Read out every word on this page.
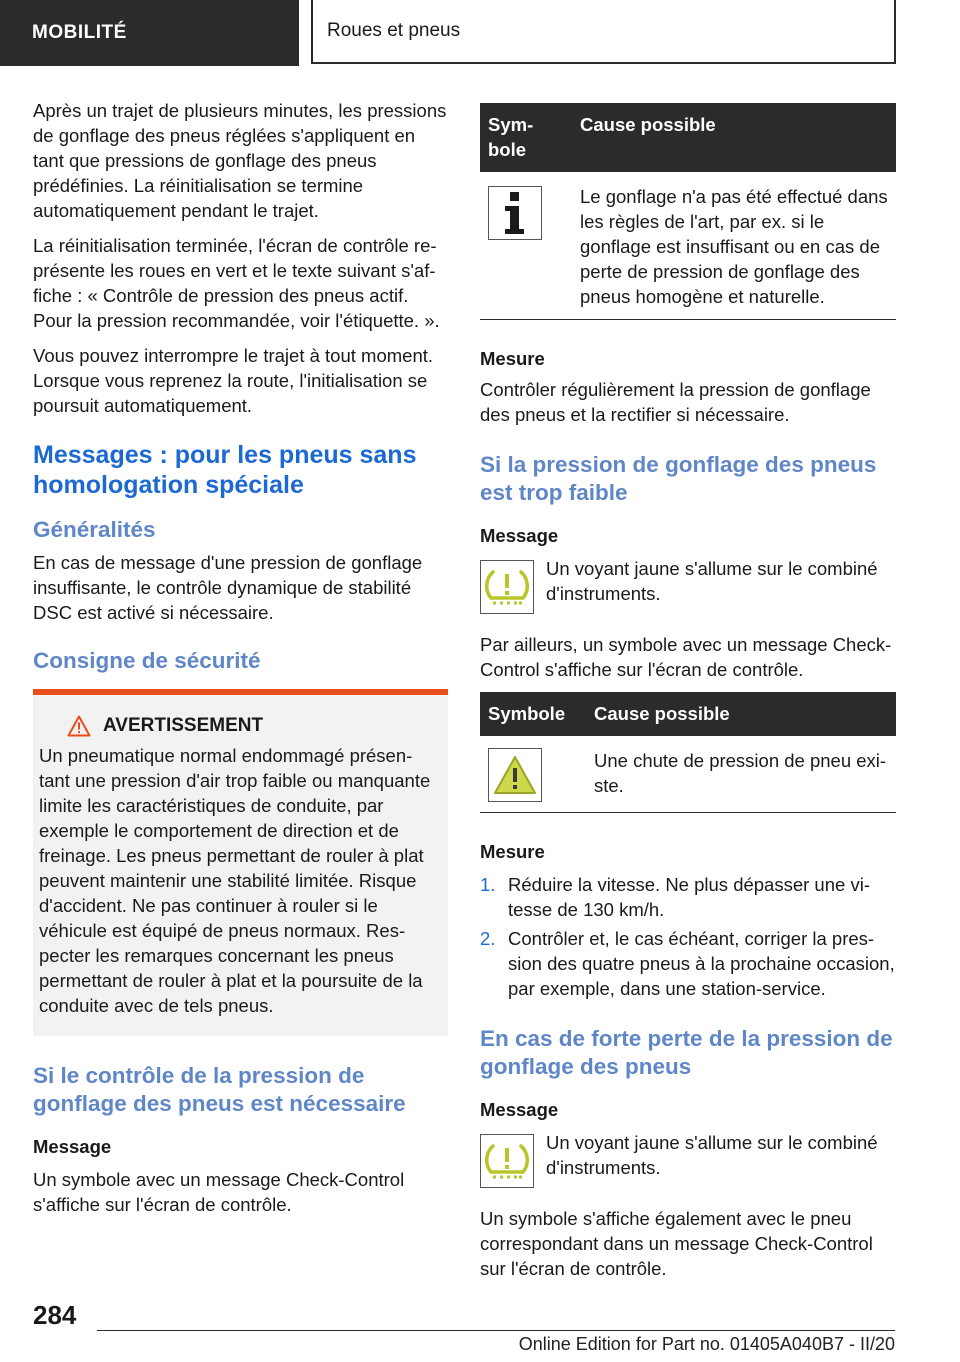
MOBILITÉ	Roues et pneus

Après un trajet de plusieurs minutes, les pressions de gonflage des pneus réglées s'appliquent en tant que pressions de gonflage des pneus prédéfinies. La réinitialisation se termine automatiquement pendant le trajet.

La réinitialisation terminée, l'écran de contrôle représente les roues en vert et le texte suivant s'affiche : « Contrôle de pression des pneus actif. Pour la pression recommandée, voir l'étiquette. ».

Vous pouvez interrompre le trajet à tout moment. Lorsque vous reprenez la route, l'initialisation se poursuit automatiquement.

Messages : pour les pneus sans homologation spéciale
Généralités

En cas de message d'une pression de gonflage insuffisante, le contrôle dynamique de stabilité DSC est activé si nécessaire.

Consigne de sécurité
AVERTISSEMENT

Un pneumatique normal endommagé présentant une pression d'air trop faible ou manquante limite les caractéristiques de conduite, par exemple le comportement de direction et de freinage. Les pneus permettant de rouler à plat peuvent maintenir une stabilité limitée. Risque d'accident. Ne pas continuer à rouler si le véhicule est équipé de pneus normaux. Respecter les remarques concernant les pneus permettant de rouler à plat et la poursuite de la conduite avec de tels pneus.

Si le contrôle de la pression de gonflage des pneus est nécessaire
Message

Un symbole avec un message Check-Control s'affiche sur l'écran de contrôle.

Symbole	Cause possible

	Le gonflage n'a pas été effectué dans les règles de l'art, par ex. si le gonflage est insuffisant ou en cas de perte de pression de gonflage des pneus homogène et naturelle.
Mesure

Contrôler régulièrement la pression de gonflage des pneus et la rectifier si nécessaire.

Si la pression de gonflage des pneus est trop faible
Message

Un voyant jaune s'allume sur le combiné d'instruments.

Par ailleurs, un symbole avec un message Check-Control s'affiche sur l'écran de contrôle.

Symbole	Cause possible

	Une chute de pression de pneu existe.
Mesure
1. Réduire la vitesse. Ne plus dépasser une vitesse de 130 km/h.
2. Contrôler et, le cas échéant, corriger la pression des quatre pneus à la prochaine occasion, par exemple, dans une station-service.
En cas de forte perte de la pression de gonflage des pneus
Message

Un voyant jaune s'allume sur le combiné d'instruments.

Un symbole s'affiche également avec le pneu correspondant dans un message Check-Control sur l'écran de contrôle.

284
Online Edition for Part no. 01405A040B7 - II/20
